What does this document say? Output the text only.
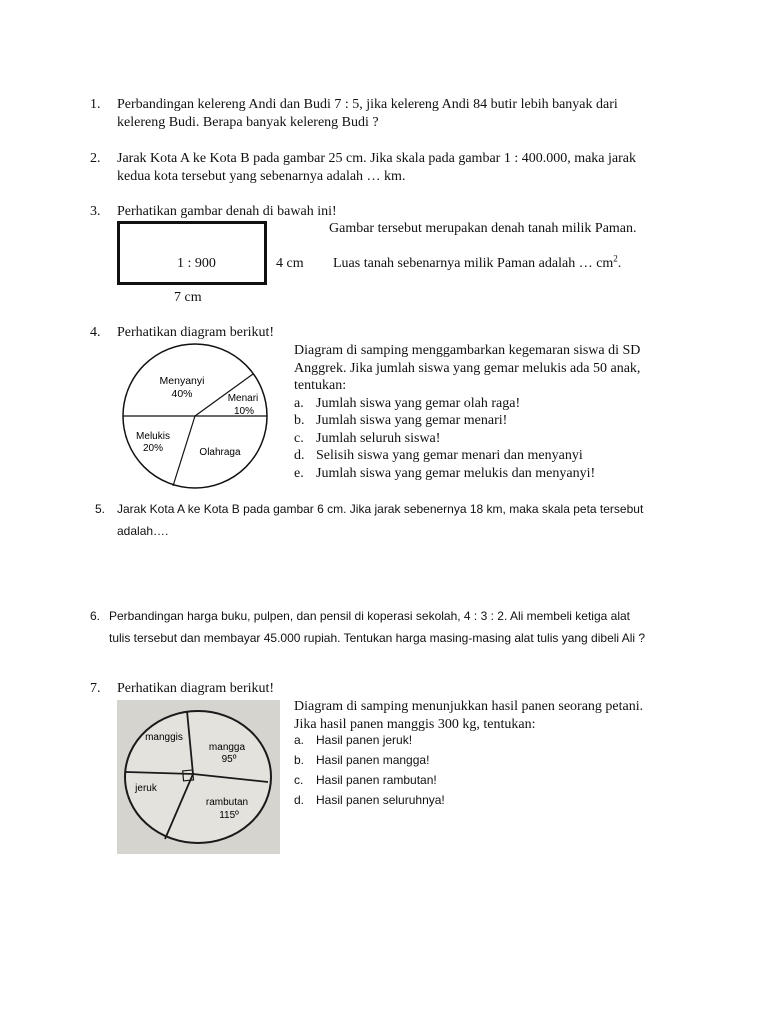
1.	Perbandingan kelereng Andi dan Budi 7 : 5, jika kelereng Andi 84 butir lebih banyak dari
kelereng Budi. Berapa banyak kelereng Budi ?
2.	Jarak Kota A ke Kota B pada gambar 25 cm. Jika skala pada gambar 1 : 400.000, maka jarak
kedua kota tersebut yang sebenarnya adalah … km.
3.	Perhatikan gambar denah di bawah ini!
Gambar tersebut merupakan denah tanah milik Paman.
1 : 900	4 cm Luas tanah sebenarnya milik Paman adalah … $cm^2$.
7 cm
4.	Perhatikan diagram berikut!
Menyanyi
40%	Menari
10%
Melukis
20%	Olahraga
Diagram di samping menggambarkan kegemaran siswa di SD
Anggrek. Jika jumlah siswa yang gemar melukis ada 50 anak,
tentukan:
a. Jumlah siswa yang gemar olah raga!
b. Jumlah siswa yang gemar menari!
c. Jumlah seluruh siswa!
d. Selisih siswa yang gemar menari dan menyanyi
e. Jumlah siswa yang gemar melukis dan menyanyi!
5. Jarak Kota A ke Kota B pada gambar 6 cm. Jika jarak sebenernya 18 km, maka skala peta tersebut
adalah….
6. Perbandingan harga buku, pulpen, dan pensil di koperasi sekolah, 4 : 3 : 2. Ali membeli ketiga alat
tulis tersebut dan membayar 45.000 rupiah. Tentukan harga masing-masing alat tulis yang dibeli Ali ?
7.	Perhatikan diagram berikut!
manggis
mangga
95º
jeruk
rambutan
115º
Diagram di samping menunjukkan hasil panen seorang petani.
Jika hasil panen manggis 300 kg, tentukan:
a. Hasil panen jeruk!
b. Hasil panen mangga!
c. Hasil panen rambutan!
d. Hasil panen seluruhnya!
